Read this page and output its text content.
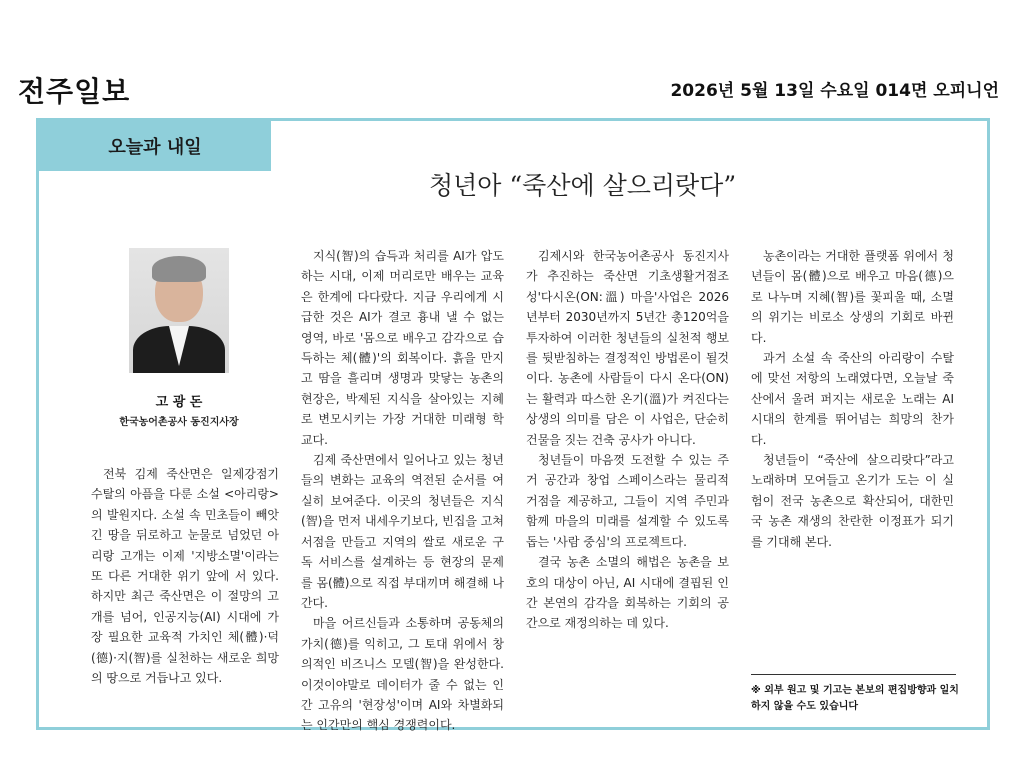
전주일보	2026년 5월 13일 수요일 014면 오피니언
오늘과 내일
청년아 “죽산에 살으리랏다”
고 광 돈
한국농어촌공사 동진지사장

전북 김제 죽산면은 일제강점기 수탈의 아픔을 다룬 소설 <아리랑>의 발원지다. 소설 속 민초들이 빼앗긴 땅을 뒤로하고 눈물로 넘었던 아리랑 고개는 이제 '지방소멸'이라는 또 다른 거대한 위기 앞에 서 있다. 하지만 최근 죽산면은 이 절망의 고개를 넘어, 인공지능(AI) 시대에 가장 필요한 교육적 가치인 체(體)·덕(德)·지(智)를 실천하는 새로운 희망의 땅으로 거듭나고 있다.

지식(智)의 습득과 처리를 AI가 압도하는 시대, 이제 머리로만 배우는 교육은 한계에 다다랐다. 지금 우리에게 시급한 것은 AI가 결코 흉내 낼 수 없는 영역, 바로 '몸으로 배우고 감각으로 습득하는 체(體)'의 회복이다. 흙을 만지고 땀을 흘리며 생명과 맞닿는 농촌의 현장은, 박제된 지식을 살아있는 지혜로 변모시키는 가장 거대한 미래형 학교다.

김제 죽산면에서 일어나고 있는 청년들의 변화는 교육의 역전된 순서를 여실히 보여준다. 이곳의 청년들은 지식(智)을 먼저 내세우기보다, 빈집을 고쳐 서점을 만들고 지역의 쌀로 새로운 구독 서비스를 설계하는 등 현장의 문제를 몸(體)으로 직접 부대끼며 해결해 나간다.

마을 어르신들과 소통하며 공동체의 가치(德)를 익히고, 그 토대 위에서 창의적인 비즈니스 모델(智)을 완성한다. 이것이야말로 데이터가 줄 수 없는 인간 고유의 '현장성'이며 AI와 차별화되는 인간만의 핵심 경쟁력이다.

김제시와 한국농어촌공사 동진지사가 추진하는 죽산면 기초생활거점조성'다시온(ON:溫) 마을'사업은 2026년부터 2030년까지 5년간 총120억을 투자하여 이러한 청년들의 실천적 행보를 뒷받침하는 결정적인 방법론이 될것이다. 농촌에 사람들이 다시 온다(ON)는 활력과 따스한 온기(溫)가 켜진다는 상생의 의미를 담은 이 사업은, 단순히 건물을 짓는 건축 공사가 아니다.

청년들이 마음껏 도전할 수 있는 주거 공간과 창업 스페이스라는 물리적 거점을 제공하고, 그들이 지역 주민과 함께 마을의 미래를 설계할 수 있도록 돕는 '사람 중심'의 프로젝트다.

결국 농촌 소멸의 해법은 농촌을 보호의 대상이 아닌, AI 시대에 결핍된 인간 본연의 감각을 회복하는 기회의 공간으로 재정의하는 데 있다.

농촌이라는 거대한 플랫폼 위에서 청년들이 몸(體)으로 배우고 마음(德)으로 나누며 지혜(智)를 꽃피울 때, 소멸의 위기는 비로소 상생의 기회로 바뀐다.

과거 소설 속 죽산의 아리랑이 수탈에 맞선 저항의 노래였다면, 오늘날 죽산에서 울려 퍼지는 새로운 노래는 AI 시대의 한계를 뛰어넘는 희망의 찬가다.

청년들이 “죽산에 살으리랏다”라고 노래하며 모여들고 온기가 도는 이 실험이 전국 농촌으로 확산되어, 대한민국 농촌 재생의 찬란한 이정표가 되기를 기대해 본다.

※ 외부 원고 및 기고는 본보의 편집방향과 일치하지 않을 수도 있습니다
